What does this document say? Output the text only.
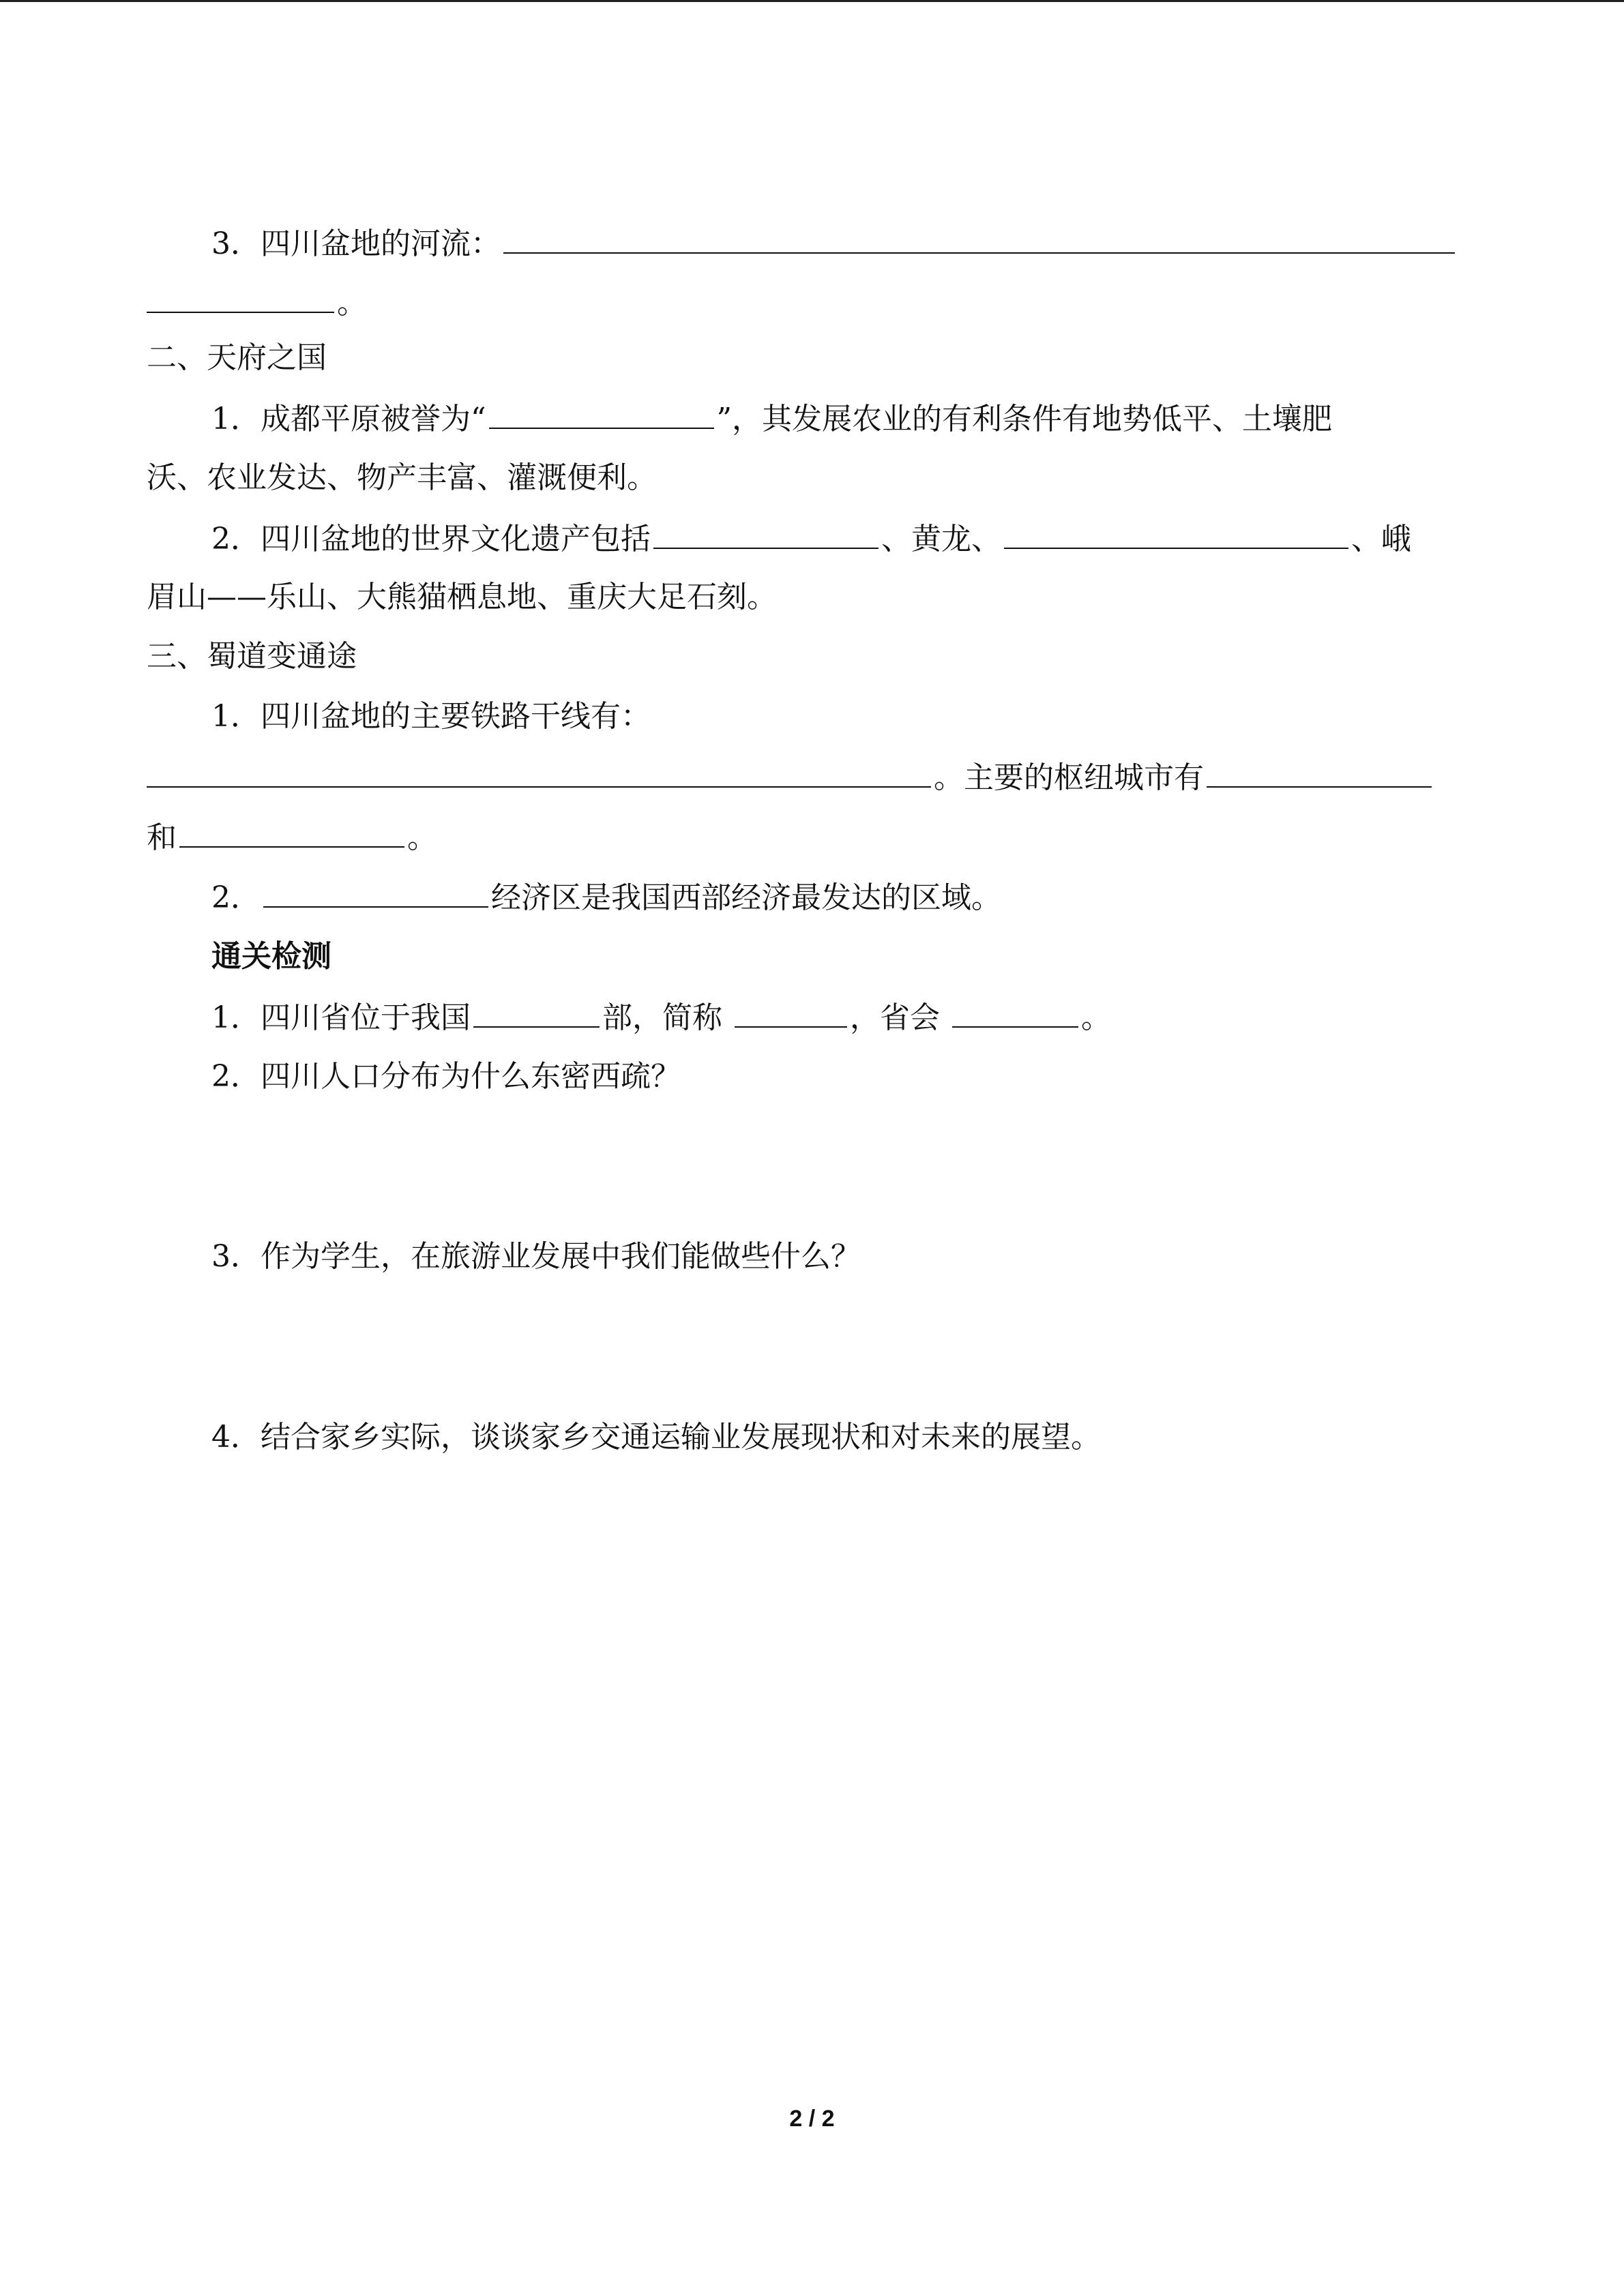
3．四川盆地的河流：
。
二、天府之国
1．成都平原被誉为“	”，其发展农业的有利条件有地势低平、土壤肥
沃、农业发达、物产丰富、灌溉便利。
2．四川盆地的世界文化遗产包括	、黄龙、	、峨
眉山——乐山、大熊猫栖息地、重庆大足石刻。
三、蜀道变通途
1．四川盆地的主要铁路干线有：
。主要的枢纽城市有
和	。
2．	经济区是我国西部经济最发达的区域。
通关检测
1．四川省位于我国	部，简称	，省会	。
2．四川人口分布为什么东密西疏？
3．作为学生，在旅游业发展中我们能做些什么？
4．结合家乡实际，谈谈家乡交通运输业发展现状和对未来的展望。
2 / 2
